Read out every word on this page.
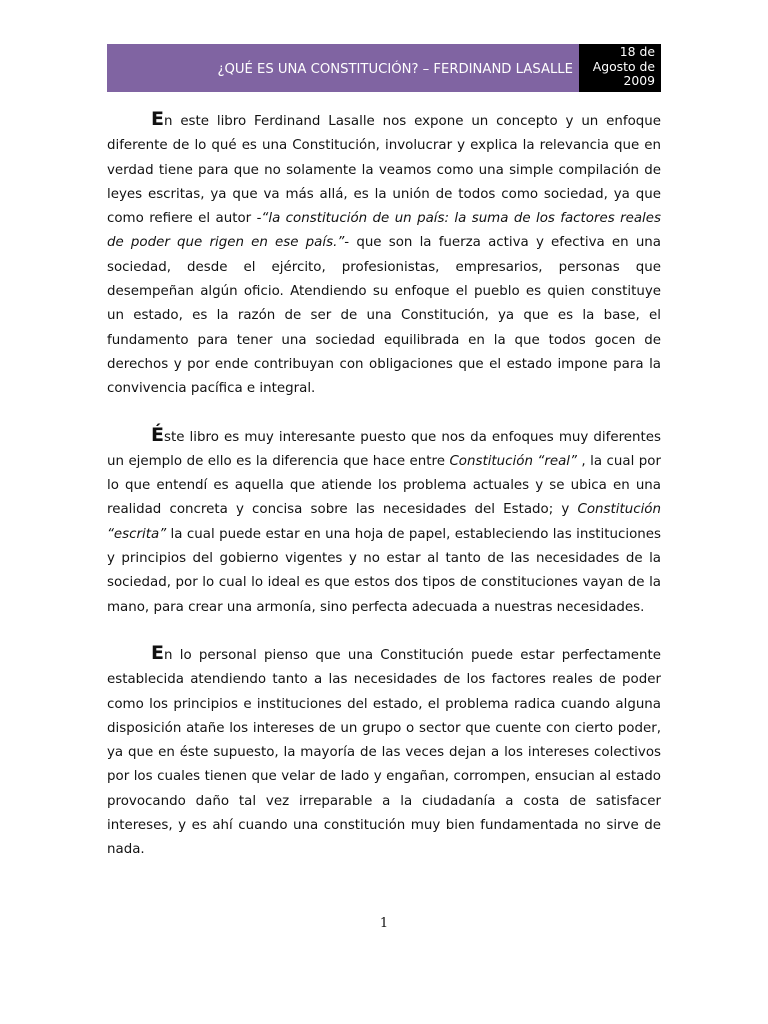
¿QUÉ ES UNA CONSTITUCIÓN? – FERDINAND LASALLE
18 de
Agosto de
2009

En este libro Ferdinand Lasalle nos expone un concepto y un enfoque diferente de lo qué es una Constitución, involucrar y explica la relevancia que en verdad tiene para que no solamente la veamos como una simple compilación de leyes escritas, ya que va más allá, es la unión de todos como sociedad, ya que como refiere el autor -“la constitución de un país: la suma de los factores reales de poder que rigen en ese país.”- que son la fuerza activa y efectiva en una sociedad, desde el ejército, profesionistas, empresarios, personas que desempeñan algún oficio. Atendiendo su enfoque el pueblo es quien constituye un estado, es la razón de ser de una Constitución, ya que es la base, el fundamento para tener una sociedad equilibrada en la que todos gocen de derechos y por ende contribuyan con obligaciones que el estado impone para la convivencia pacífica e integral.

Éste libro es muy interesante puesto que nos da enfoques muy diferentes un ejemplo de ello es la diferencia que hace entre Constitución “real” , la cual por lo que entendí es aquella que atiende los problema actuales y se ubica en una realidad concreta y concisa sobre las necesidades del Estado; y Constitución “escrita” la cual puede estar en una hoja de papel, estableciendo las instituciones y principios del gobierno vigentes y no estar al tanto de las necesidades de la sociedad, por lo cual lo ideal es que estos dos tipos de constituciones vayan de la mano, para crear una armonía, sino perfecta adecuada a nuestras necesidades.

En lo personal pienso que una Constitución puede estar perfectamente establecida atendiendo tanto a las necesidades de los factores reales de poder como los principios e instituciones del estado, el problema radica cuando alguna disposición atañe los intereses de un grupo o sector que cuente con cierto poder, ya que en éste supuesto, la mayoría de las veces dejan a los intereses colectivos por los cuales tienen que velar de lado y engañan, corrompen, ensucian al estado provocando daño tal vez irreparable a la ciudadanía a costa de satisfacer intereses, y es ahí cuando una constitución muy bien fundamentada no sirve de nada.

1
